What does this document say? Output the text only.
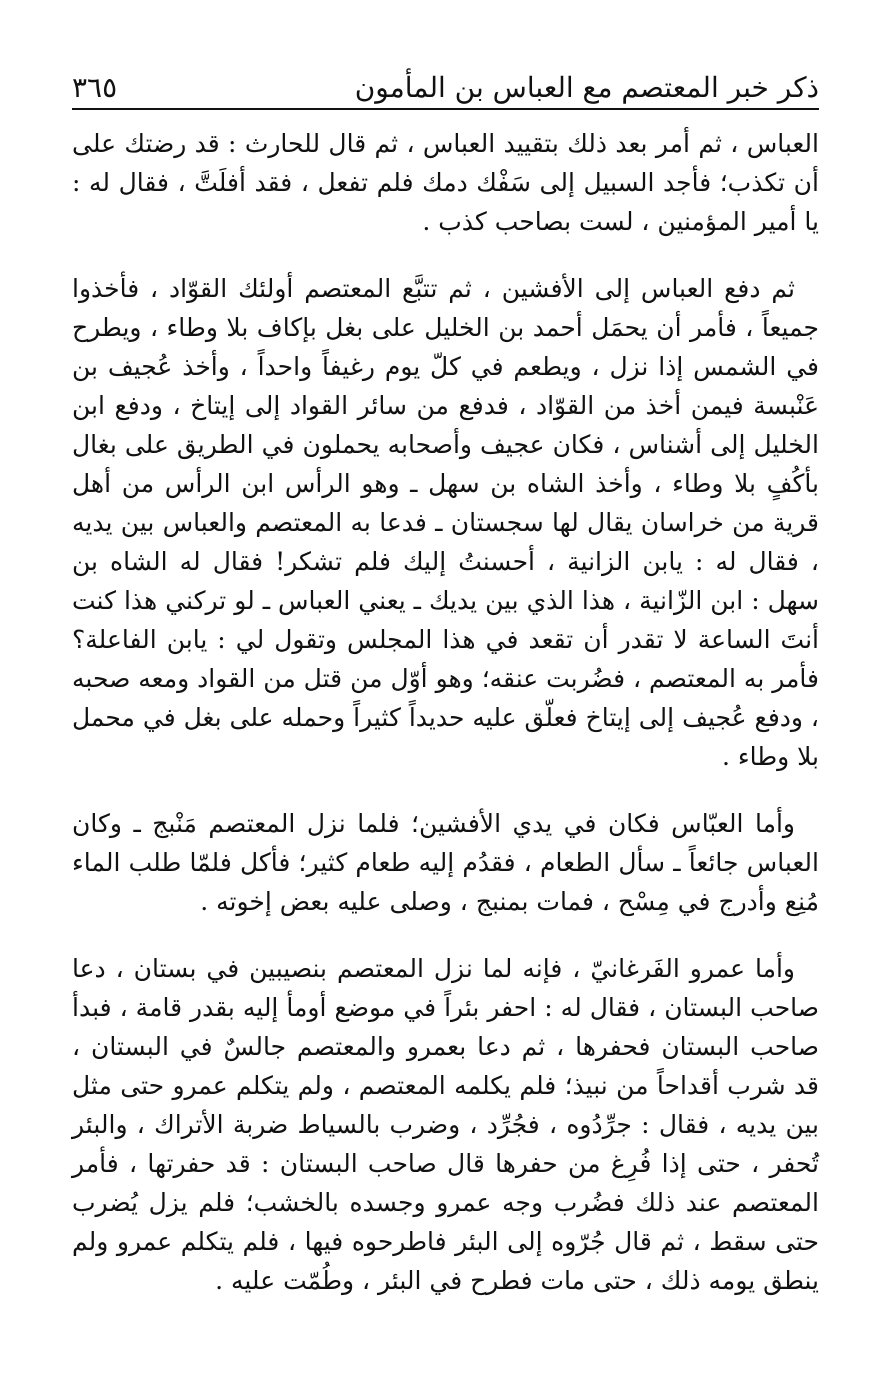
ذكر خبر المعتصم مع العباس بن المأمون
٣٦٥

العباس ، ثم أمر بعد ذلك بتقييد العباس ، ثم قال للحارث : قد رضتك على أن تكذب؛ فأجد السبيل إلى سَفْك دمك فلم تفعل ، فقد أفلَتَّ ، فقال له : يا أمير المؤمنين ، لست بصاحب كذب .

ثم دفع العباس إلى الأفشين ، ثم تتبَّع المعتصم أولئك القوّاد ، فأخذوا جميعاً ، فأمر أن يحمَل أحمد بن الخليل على بغل بإكاف بلا وطاء ، ويطرح في الشمس إذا نزل ، ويطعم في كلّ يوم رغيفاً واحداً ، وأخذ عُجيف بن عَنْبسة فيمن أخذ من القوّاد ، فدفع من سائر القواد إلى إيتاخ ، ودفع ابن الخليل إلى أشناس ، فكان عجيف وأصحابه يحملون في الطريق على بغال بأكُفٍ بلا وطاء ، وأخذ الشاه بن سهل ـ وهو الرأس ابن الرأس من أهل قرية من خراسان يقال لها سجستان ـ فدعا به المعتصم والعباس بين يديه ، فقال له : يابن الزانية ، أحسنتُ إليك فلم تشكر! فقال له الشاه بن سهل : ابن الزّانية ، هذا الذي بين يديك ـ يعني العباس ـ لو تركني هذا كنت أنتَ الساعة لا تقدر أن تقعد في هذا المجلس وتقول لي : يابن الفاعلة؟ فأمر به المعتصم ، فضُربت عنقه؛ وهو أوّل من قتل من القواد ومعه صحبه ، ودفع عُجيف إلى إيتاخ فعلّق عليه حديداً كثيراً وحمله على بغل في محمل بلا وطاء .

وأما العبّاس فكان في يدي الأفشين؛ فلما نزل المعتصم مَنْبج ـ وكان العباس جائعاً ـ سأل الطعام ، فقدُم إليه طعام كثير؛ فأكل فلمّا طلب الماء مُنِع وأدرج في مِسْح ، فمات بمنبج ، وصلى عليه بعض إخوته .

وأما عمرو الفَرغانيّ ، فإنه لما نزل المعتصم بنصيبين في بستان ، دعا صاحب البستان ، فقال له : احفر بئراً في موضع أومأ إليه بقدر قامة ، فبدأ صاحب البستان فحفرها ، ثم دعا بعمرو والمعتصم جالسٌ في البستان ، قد شرب أقداحاً من نبيذ؛ فلم يكلمه المعتصم ، ولم يتكلم عمرو حتى مثل بين يديه ، فقال : جرِّدُوه ، فجُرِّد ، وضرب بالسياط ضربة الأتراك ، والبئر تُحفر ، حتى إذا فُرِغ من حفرها قال صاحب البستان : قد حفرتها ، فأمر المعتصم عند ذلك فضُرب وجه عمرو وجسده بالخشب؛ فلم يزل يُضرب حتى سقط ، ثم قال جُرّوه إلى البئر فاطرحوه فيها ، فلم يتكلم عمرو ولم ينطق يومه ذلك ، حتى مات فطرح في البئر ، وطُمّت عليه .
